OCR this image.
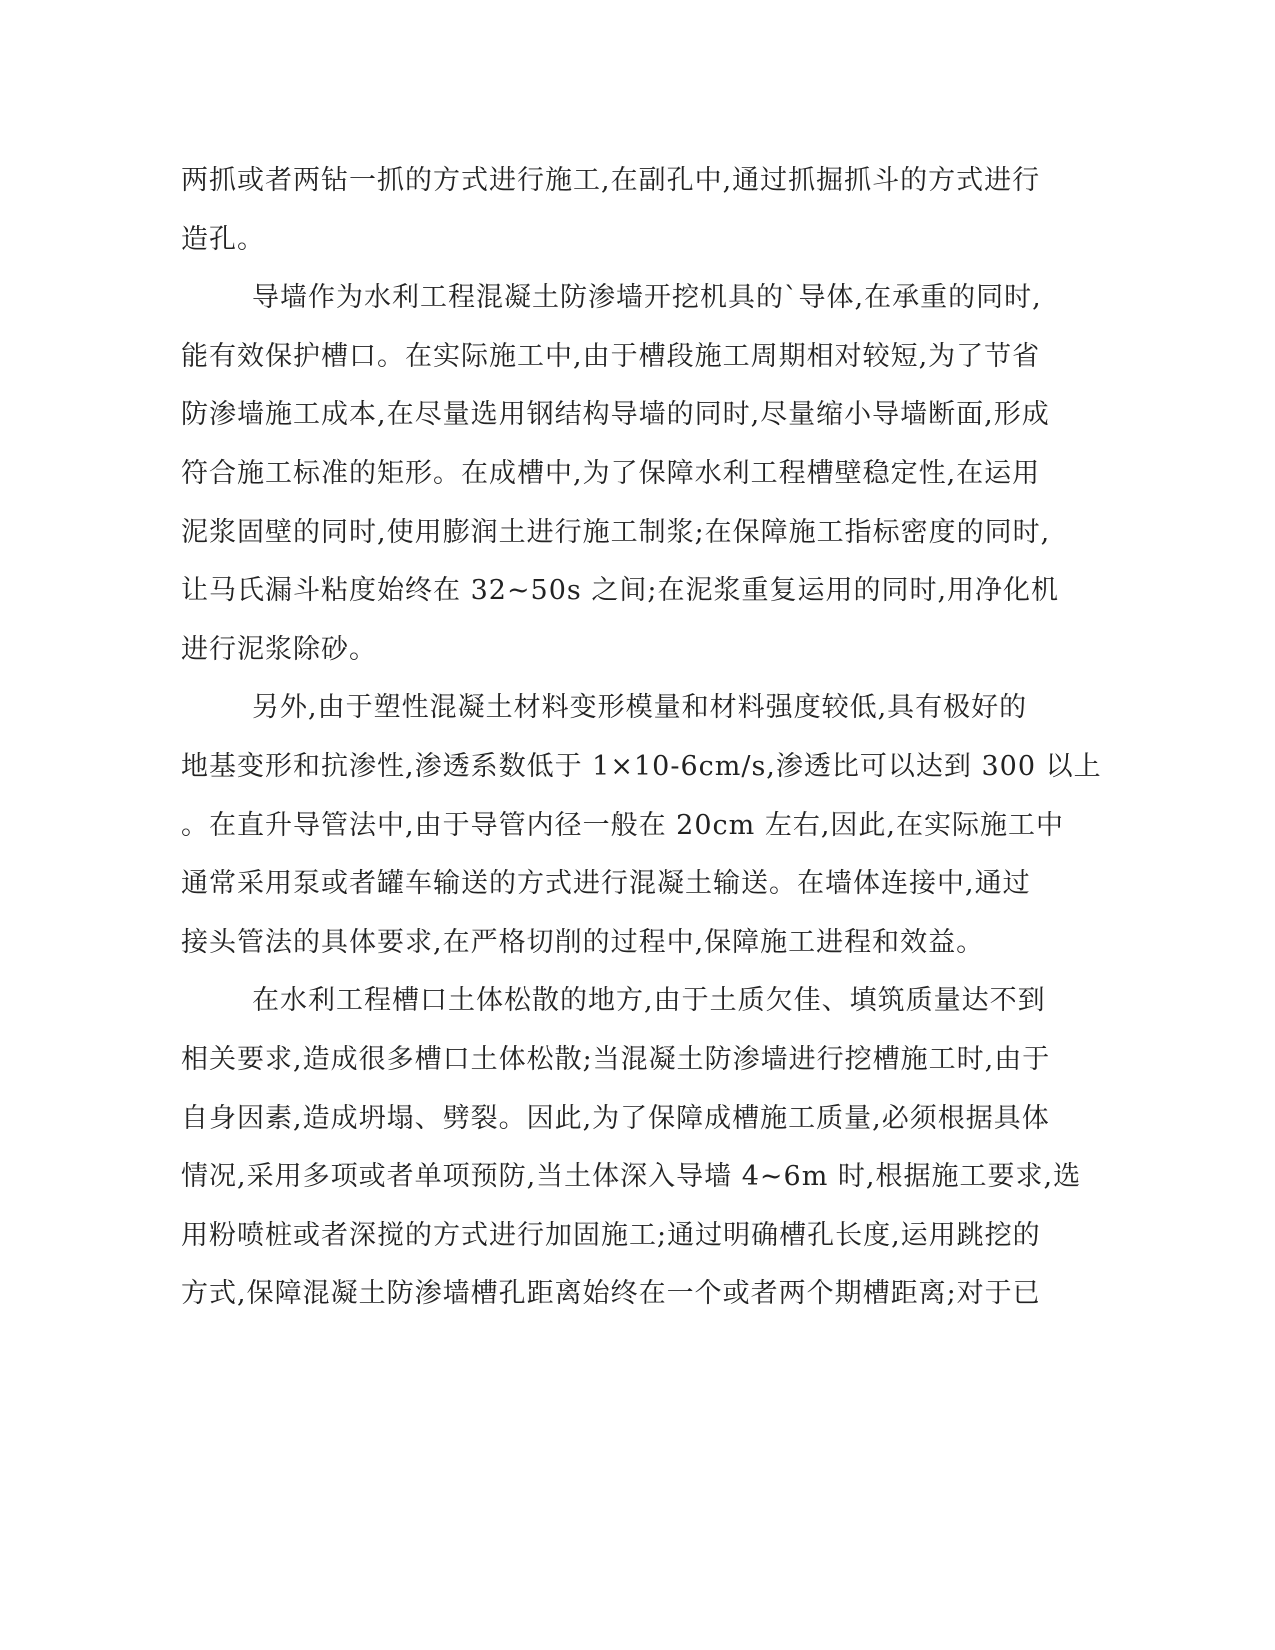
两抓或者两钻一抓的方式进行施工,在副孔中,通过抓掘抓斗的方式进行
造孔。
导墙作为水利工程混凝土防渗墙开挖机具的`导体,在承重的同时,
能有效保护槽口。在实际施工中,由于槽段施工周期相对较短,为了节省
防渗墙施工成本,在尽量选用钢结构导墙的同时,尽量缩小导墙断面,形成
符合施工标准的矩形。在成槽中,为了保障水利工程槽壁稳定性,在运用
泥浆固壁的同时,使用膨润土进行施工制浆;在保障施工指标密度的同时,
让马氏漏斗粘度始终在 32~50s 之间;在泥浆重复运用的同时,用净化机
进行泥浆除砂。
另外,由于塑性混凝土材料变形模量和材料强度较低,具有极好的
地基变形和抗渗性,渗透系数低于 1×10-6cm/s,渗透比可以达到 300 以上
。在直升导管法中,由于导管内径一般在 20cm 左右,因此,在实际施工中
通常采用泵或者罐车输送的方式进行混凝土输送。在墙体连接中,通过
接头管法的具体要求,在严格切削的过程中,保障施工进程和效益。
在水利工程槽口土体松散的地方,由于土质欠佳、填筑质量达不到
相关要求,造成很多槽口土体松散;当混凝土防渗墙进行挖槽施工时,由于
自身因素,造成坍塌、劈裂。因此,为了保障成槽施工质量,必须根据具体
情况,采用多项或者单项预防,当土体深入导墙 4~6m 时,根据施工要求,选
用粉喷桩或者深搅的方式进行加固施工;通过明确槽孔长度,运用跳挖的
方式,保障混凝土防渗墙槽孔距离始终在一个或者两个期槽距离;对于已
